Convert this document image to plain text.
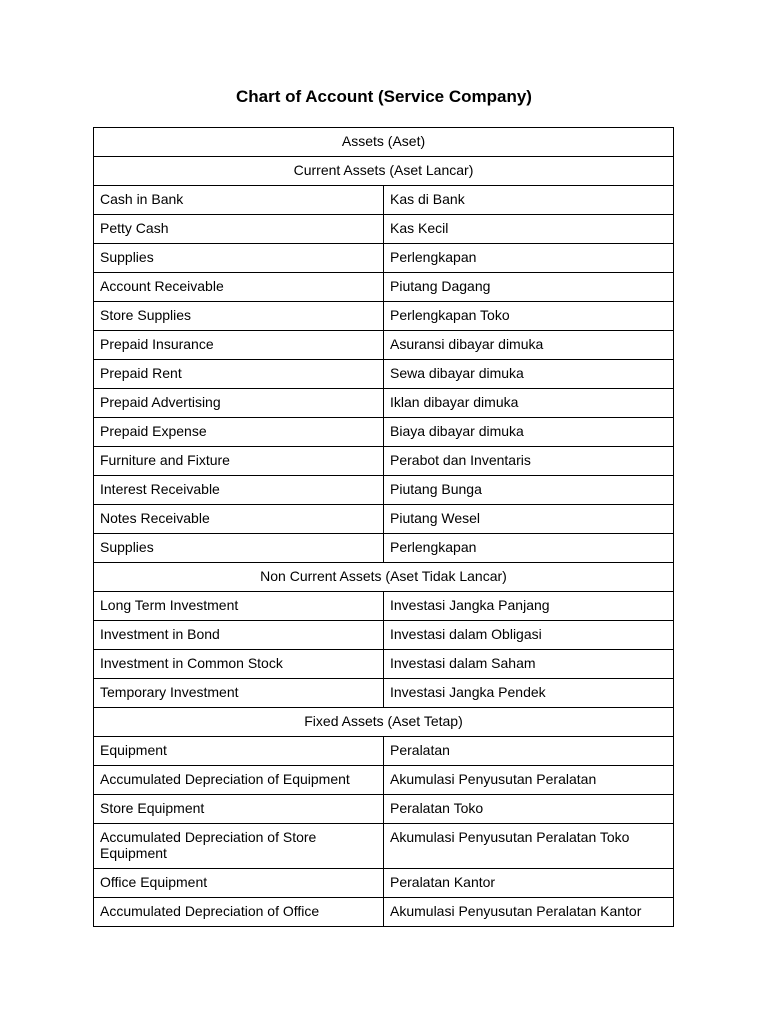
Chart of Account (Service Company)
Assets (Aset)	
Current Assets (Aset Lancar)	
Cash in Bank	Kas di Bank
Petty Cash	Kas Kecil
Supplies	Perlengkapan
Account Receivable	Piutang Dagang
Store Supplies	Perlengkapan Toko
Prepaid Insurance	Asuransi dibayar dimuka
Prepaid Rent	Sewa dibayar dimuka
Prepaid Advertising	Iklan dibayar dimuka
Prepaid Expense	Biaya dibayar dimuka
Furniture and Fixture	Perabot dan Inventaris
Interest Receivable	Piutang Bunga
Notes Receivable	Piutang Wesel
Supplies	Perlengkapan
Non Current Assets (Aset Tidak Lancar)	
Long Term Investment	Investasi Jangka Panjang
Investment in Bond	Investasi dalam Obligasi
Investment in Common Stock	Investasi dalam Saham
Temporary Investment	Investasi Jangka Pendek
Fixed Assets (Aset Tetap)	
Equipment	Peralatan
Accumulated Depreciation of Equipment	Akumulasi Penyusutan Peralatan
Store Equipment	Peralatan Toko
Accumulated Depreciation of Store Equipment	Akumulasi Penyusutan Peralatan Toko
Office Equipment	Peralatan Kantor
Accumulated Depreciation of Office	Akumulasi Penyusutan Peralatan Kantor
